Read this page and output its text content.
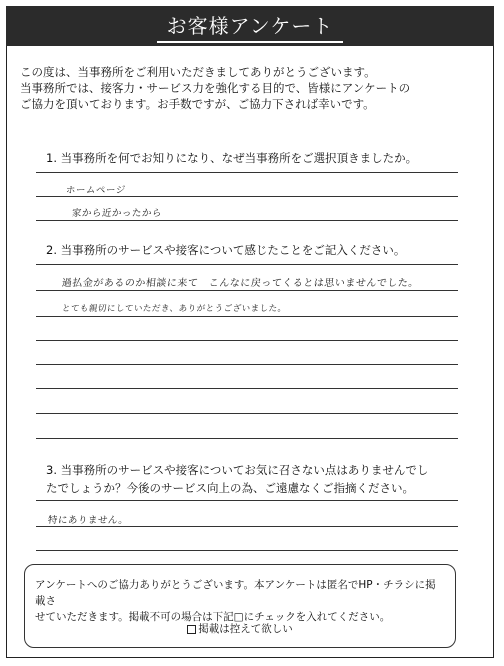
お客様アンケート
この度は、当事務所をご利用いただきましてありがとうございます。
当事務所では、接客力・サービス力を強化する目的で、皆様にアンケートの
ご協力を頂いております。お手数ですが、ご協力下されば幸いです。
1. 当事務所を何でお知りになり、なぜ当事務所をご選択頂きましたか。
ホームページ
家から近かったから
2. 当事務所のサービスや接客について感じたことをご記入ください。
過払金があるのか相談に来て　こんなに戻ってくるとは思いませんでした。
とても親切にしていただき、ありがとうございました。
3. 当事務所のサービスや接客についてお気に召さない点はありませんでし
たでしょうか？今後のサービス向上の為、ご遠慮なくご指摘ください。
特にありません。
アンケートへのご協力ありがとうございます。本アンケートは匿名でHP・チラシに掲載さ
せていただきます。掲載不可の場合は下記□にチェックを入れてください。
掲載は控えて欲しい
